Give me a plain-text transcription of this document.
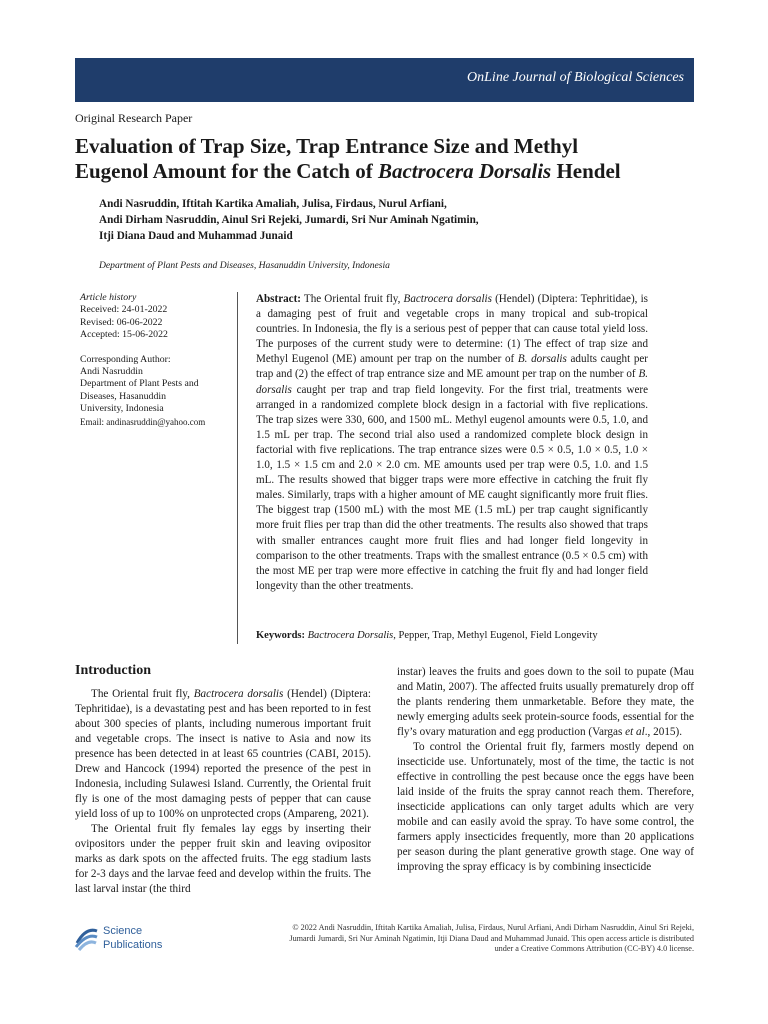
OnLine Journal of Biological Sciences
Original Research Paper
Evaluation of Trap Size, Trap Entrance Size and Methyl
Eugenol Amount for the Catch of Bactrocera Dorsalis Hendel
Andi Nasruddin, Iftitah Kartika Amaliah, Julisa, Firdaus, Nurul Arfiani,
Andi Dirham Nasruddin, Ainul Sri Rejeki, Jumardi, Sri Nur Aminah Ngatimin,
Itji Diana Daud and Muhammad Junaid
Department of Plant Pests and Diseases, Hasanuddin University, Indonesia
Article history
Received: 24-01-2022
Revised: 06-06-2022
Accepted: 15-06-2022
Corresponding Author:
Andi Nasruddin
Department of Plant Pests and
Diseases, Hasanuddin
University, Indonesia
Email: andinasruddin@yahoo.com
Abstract: The Oriental fruit fly, Bactrocera dorsalis (Hendel) (Diptera: Tephritidae), is a damaging pest of fruit and vegetable crops in many tropical and sub-tropical countries. In Indonesia, the fly is a serious pest of pepper that can cause total yield loss. The purposes of the current study were to determine: (1) The effect of trap size and Methyl Eugenol (ME) amount per trap on the number of B. dorsalis adults caught per trap and (2) the effect of trap entrance size and ME amount per trap on the number of B. dorsalis caught per trap and trap field longevity. For the first trial, treatments were arranged in a randomized complete block design in a factorial with five replications. The trap sizes were 330, 600, and 1500 mL. Methyl eugenol amounts were 0.5, 1.0, and 1.5 mL per trap. The second trial also used a randomized complete block design in factorial with five replications. The trap entrance sizes were 0.5 × 0.5, 1.0 × 0.5, 1.0 × 1.0, 1.5 × 1.5 cm and 2.0 × 2.0 cm. ME amounts used per trap were 0.5, 1.0. and 1.5 mL. The results showed that bigger traps were more effective in catching the fruit fly males. Similarly, traps with a higher amount of ME caught significantly more fruit flies. The biggest trap (1500 mL) with the most ME (1.5 mL) per trap caught significantly more fruit flies per trap than did the other treatments. The results also showed that traps with smaller entrances caught more fruit flies and had longer field longevity in comparison to the other treatments. Traps with the smallest entrance (0.5 × 0.5 cm) with the most ME per trap were more effective in catching the fruit fly and had longer field longevity than the other treatments.
Keywords: Bactrocera Dorsalis, Pepper, Trap, Methyl Eugenol, Field Longevity
Introduction

The Oriental fruit fly, Bactrocera dorsalis (Hendel) (Diptera: Tephritidae), is a devastating pest and has been reported to in fest about 300 species of plants, including numerous important fruit and vegetable crops. The insect is native to Asia and now its presence has been detected in at least 65 countries (CABI, 2015). Drew and Hancock (1994) reported the presence of the pest in Indonesia, including Sulawesi Island. Currently, the Oriental fruit fly is one of the most damaging pests of pepper that can cause yield loss of up to 100% on unprotected crops (Ampareng, 2021).

The Oriental fruit fly females lay eggs by inserting their ovipositors under the pepper fruit skin and leaving ovipositor marks as dark spots on the affected fruits. The egg stadium lasts for 2-3 days and the larvae feed and develop within the fruits. The last larval instar (the third

instar) leaves the fruits and goes down to the soil to pupate (Mau and Matin, 2007). The affected fruits usually prematurely drop off the plants rendering them unmarketable. Before they mate, the newly emerging adults seek protein-source foods, essential for the fly’s ovary maturation and egg production (Vargas et al., 2015).

To control the Oriental fruit fly, farmers mostly depend on insecticide use. Unfortunately, most of the time, the tactic is not effective in controlling the pest because once the eggs have been laid inside of the fruits the spray cannot reach them. Therefore, insecticide applications can only target adults which are very mobile and can easily avoid the spray. To have some control, the farmers apply insecticides frequently, more than 20 applications per season during the plant generative growth stage. One way of improving the spray efficacy is by combining insecticide

Science
Publications
© 2022 Andi Nasruddin, Iftitah Kartika Amaliah, Julisa, Firdaus, Nurul Arfiani, Andi Dirham Nasruddin, Ainul Sri Rejeki,
Jumardi Jumardi, Sri Nur Aminah Ngatimin, Itji Diana Daud and Muhammad Junaid. This open access article is distributed
under a Creative Commons Attribution (CC-BY) 4.0 license.
